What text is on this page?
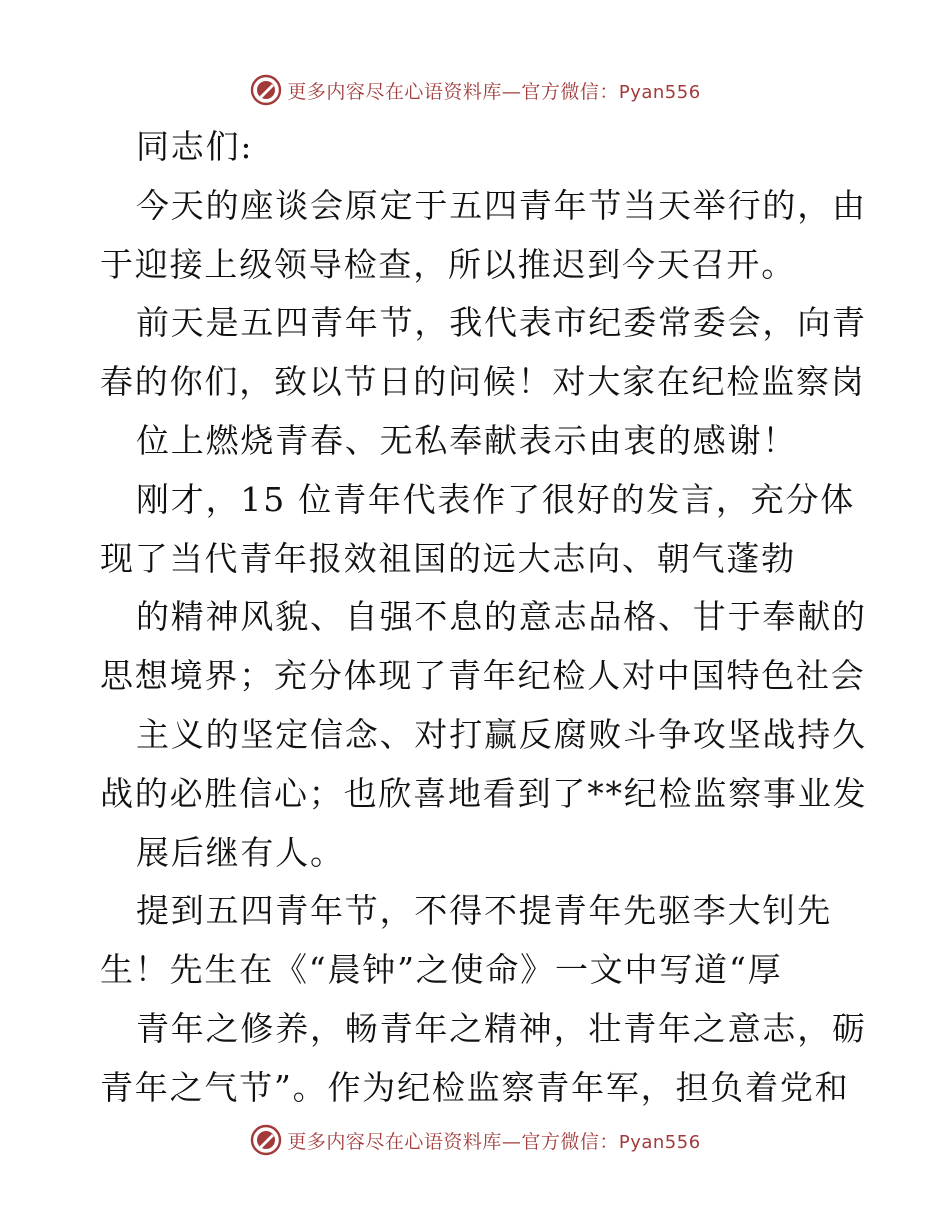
更多内容尽在心语资料库—官方微信：Pyan556
同志们:
今天的座谈会原定于五四青年节当天举行的，由
于迎接上级领导检查，所以推迟到今天召开。
前天是五四青年节，我代表市纪委常委会，向青
春的你们，致以节日的问候！对大家在纪检监察岗
位上燃烧青春、无私奉献表示由衷的感谢！
刚才，15 位青年代表作了很好的发言，充分体
现了当代青年报效祖国的远大志向、朝气蓬勃
的精神风貌、自强不息的意志品格、甘于奉献的
思想境界；充分体现了青年纪检人对中国特色社会
主义的坚定信念、对打赢反腐败斗争攻坚战持久
战的必胜信心；也欣喜地看到了**纪检监察事业发
展后继有人。
提到五四青年节，不得不提青年先驱李大钊先
生！先生在《“晨钟”之使命》一文中写道“厚
青年之修养，畅青年之精神，壮青年之意志，砺
青年之气节”。作为纪检监察青年军，担负着党和
更多内容尽在心语资料库—官方微信：Pyan556
